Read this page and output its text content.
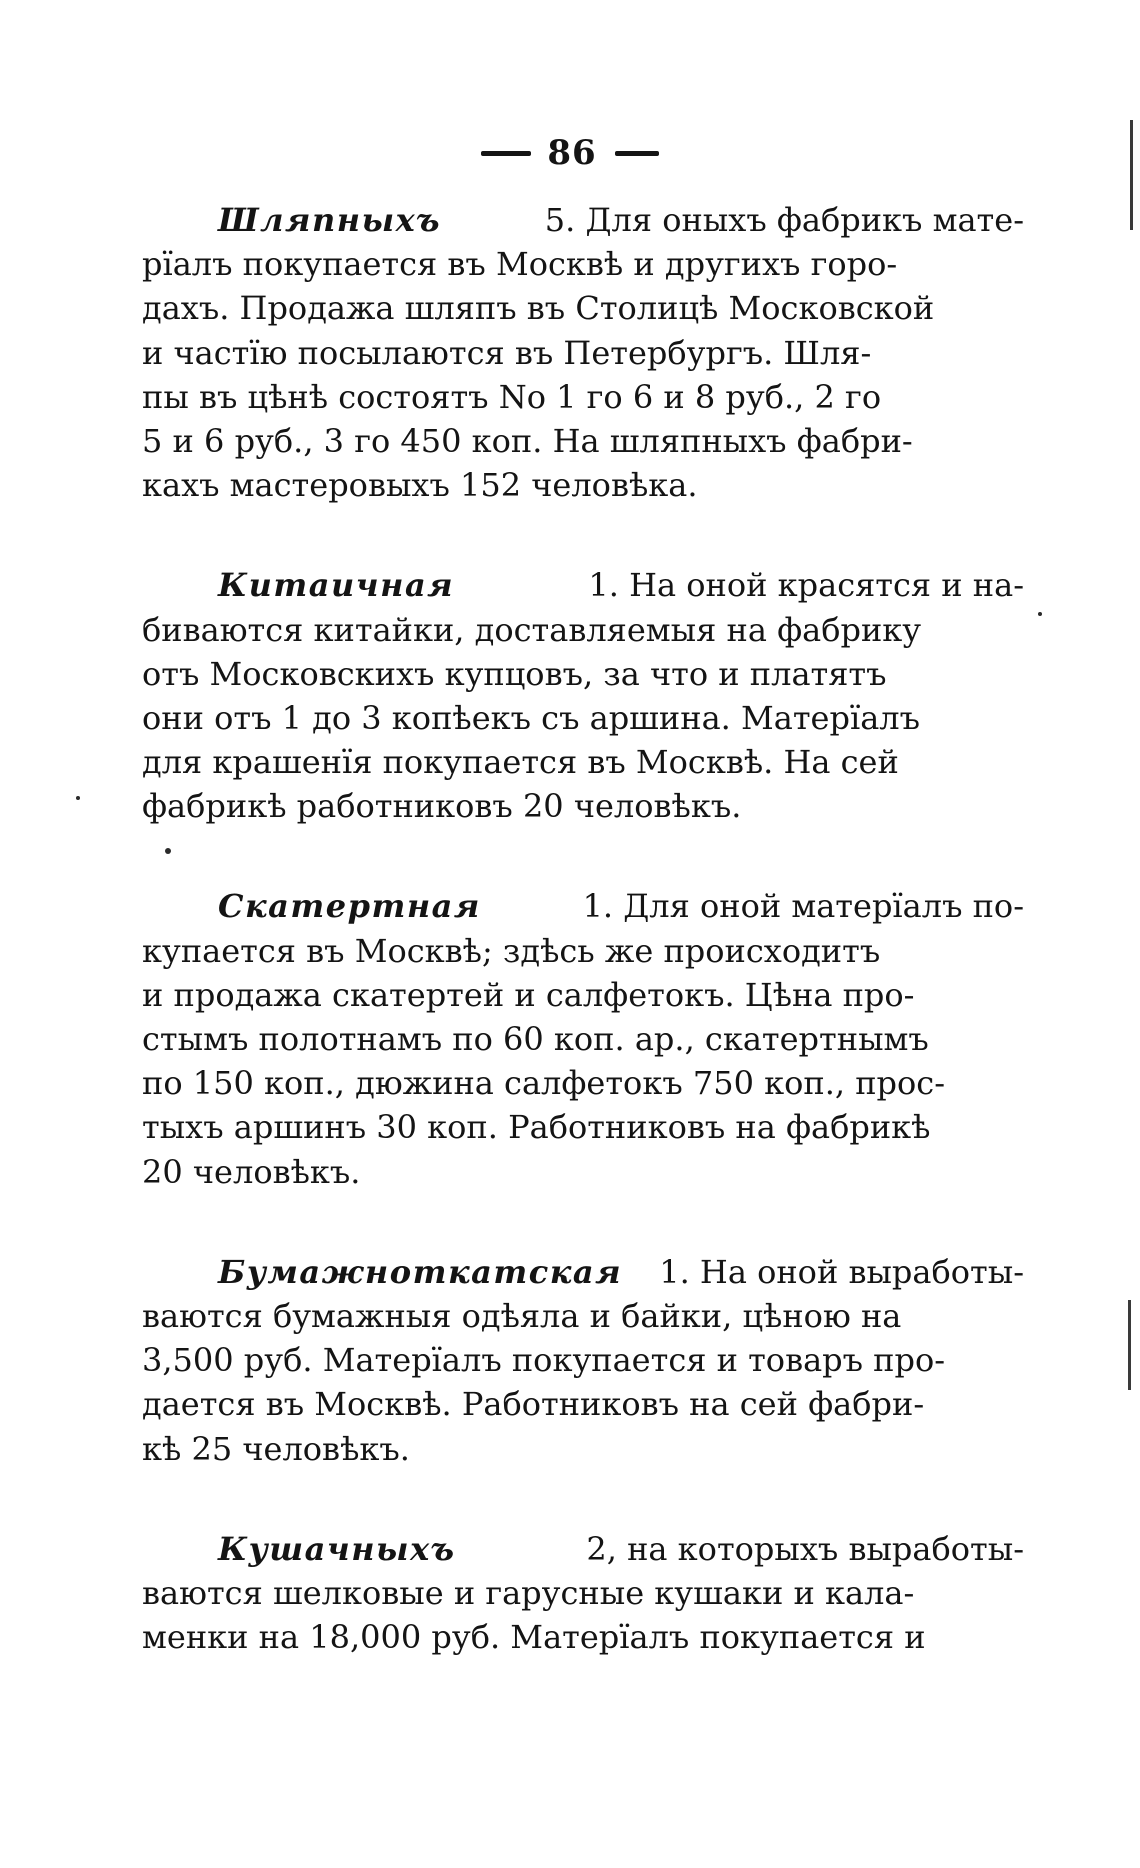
86
Шляпныхъ	5. Для оныхъ фабрикъ мате-
рїалъ покупается въ Москвѣ и другихъ горо-
дахъ. Продажа шляпъ въ Столицѣ Московской
и частїю посылаются въ Петербургъ. Шля-
пы въ цѣнѣ состоятъ No 1 го 6 и 8 руб., 2 го
5 и 6 руб., 3 го 450 коп. На шляпныхъ фабри-
кахъ мастеровыхъ 152 человѣка.
Китаичная	1. На оной красятся и на-
биваются китайки, доставляемыя на фабрику
отъ Московскихъ купцовъ, за что и платятъ
они отъ 1 до 3 копѣекъ съ аршина. Матерїалъ
для крашенїя покупается въ Москвѣ. На сей
фабрикѣ работниковъ 20 человѣкъ.
Скатертная	1. Для оной матерїалъ по-
купается въ Москвѣ; здѣсь же происходитъ
и продажа скатертей и салфетокъ. Цѣна про-
стымъ полотнамъ по 60 коп. ар., скатертнымъ
по 150 коп., дюжина салфетокъ 750 коп., прос-
тыхъ аршинъ 30 коп. Работниковъ на фабрикѣ
20 человѣкъ.
Бумажноткатская 1. На оной выработы-
ваются бумажныя одѣяла и байки, цѣною на
3,500 руб. Матерїалъ покупается и товаръ про-
дается въ Москвѣ. Работниковъ на сей фабри-
кѣ 25 человѣкъ.
Кушачныхъ	2, на которыхъ выработы-
ваются шелковые и гарусные кушаки и кала-
менки на 18,000 руб. Матерїалъ покупается и
